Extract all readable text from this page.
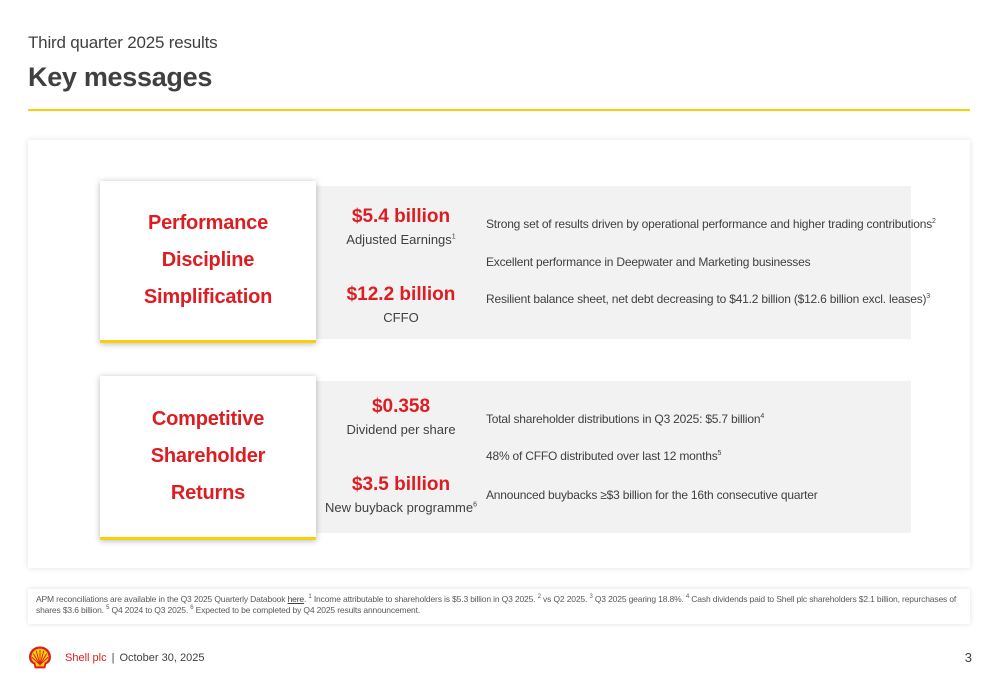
Third quarter 2025 results
Key messages
Performance
Discipline
Simplification
$5.4 billion
Adjusted Earnings$^1$
$12.2 billion
CFFO
Strong set of results driven by operational performance and higher trading contributions$^2$
Excellent performance in Deepwater and Marketing businesses
Resilient balance sheet, net debt decreasing to $41.2 billion ($12.6 billion excl. leases)$^3$
Competitive
Shareholder
Returns
$0.358
Dividend per share
$3.5 billion
New buyback programme$^6$
Total shareholder distributions in Q3 2025: $5.7 billion$^4$
48% of CFFO distributed over last 12 months$^5$
Announced buybacks ≥$3 billion for the 16th consecutive quarter
APM reconciliations are available in the Q3 2025 Quarterly Databook here. $^1$ Income attributable to shareholders is $5.3 billion in Q3 2025. $^2$ vs Q2 2025. $^3$ Q3 2025 gearing 18.8%. $^4$ Cash dividends paid to Shell plc shareholders $2.1 billion, repurchases of shares $3.6 billion. $^5$ Q4 2024 to Q3 2025. $^6$ Expected to be completed by Q4 2025 results announcement.
Shell plc | October 30, 2025	3
